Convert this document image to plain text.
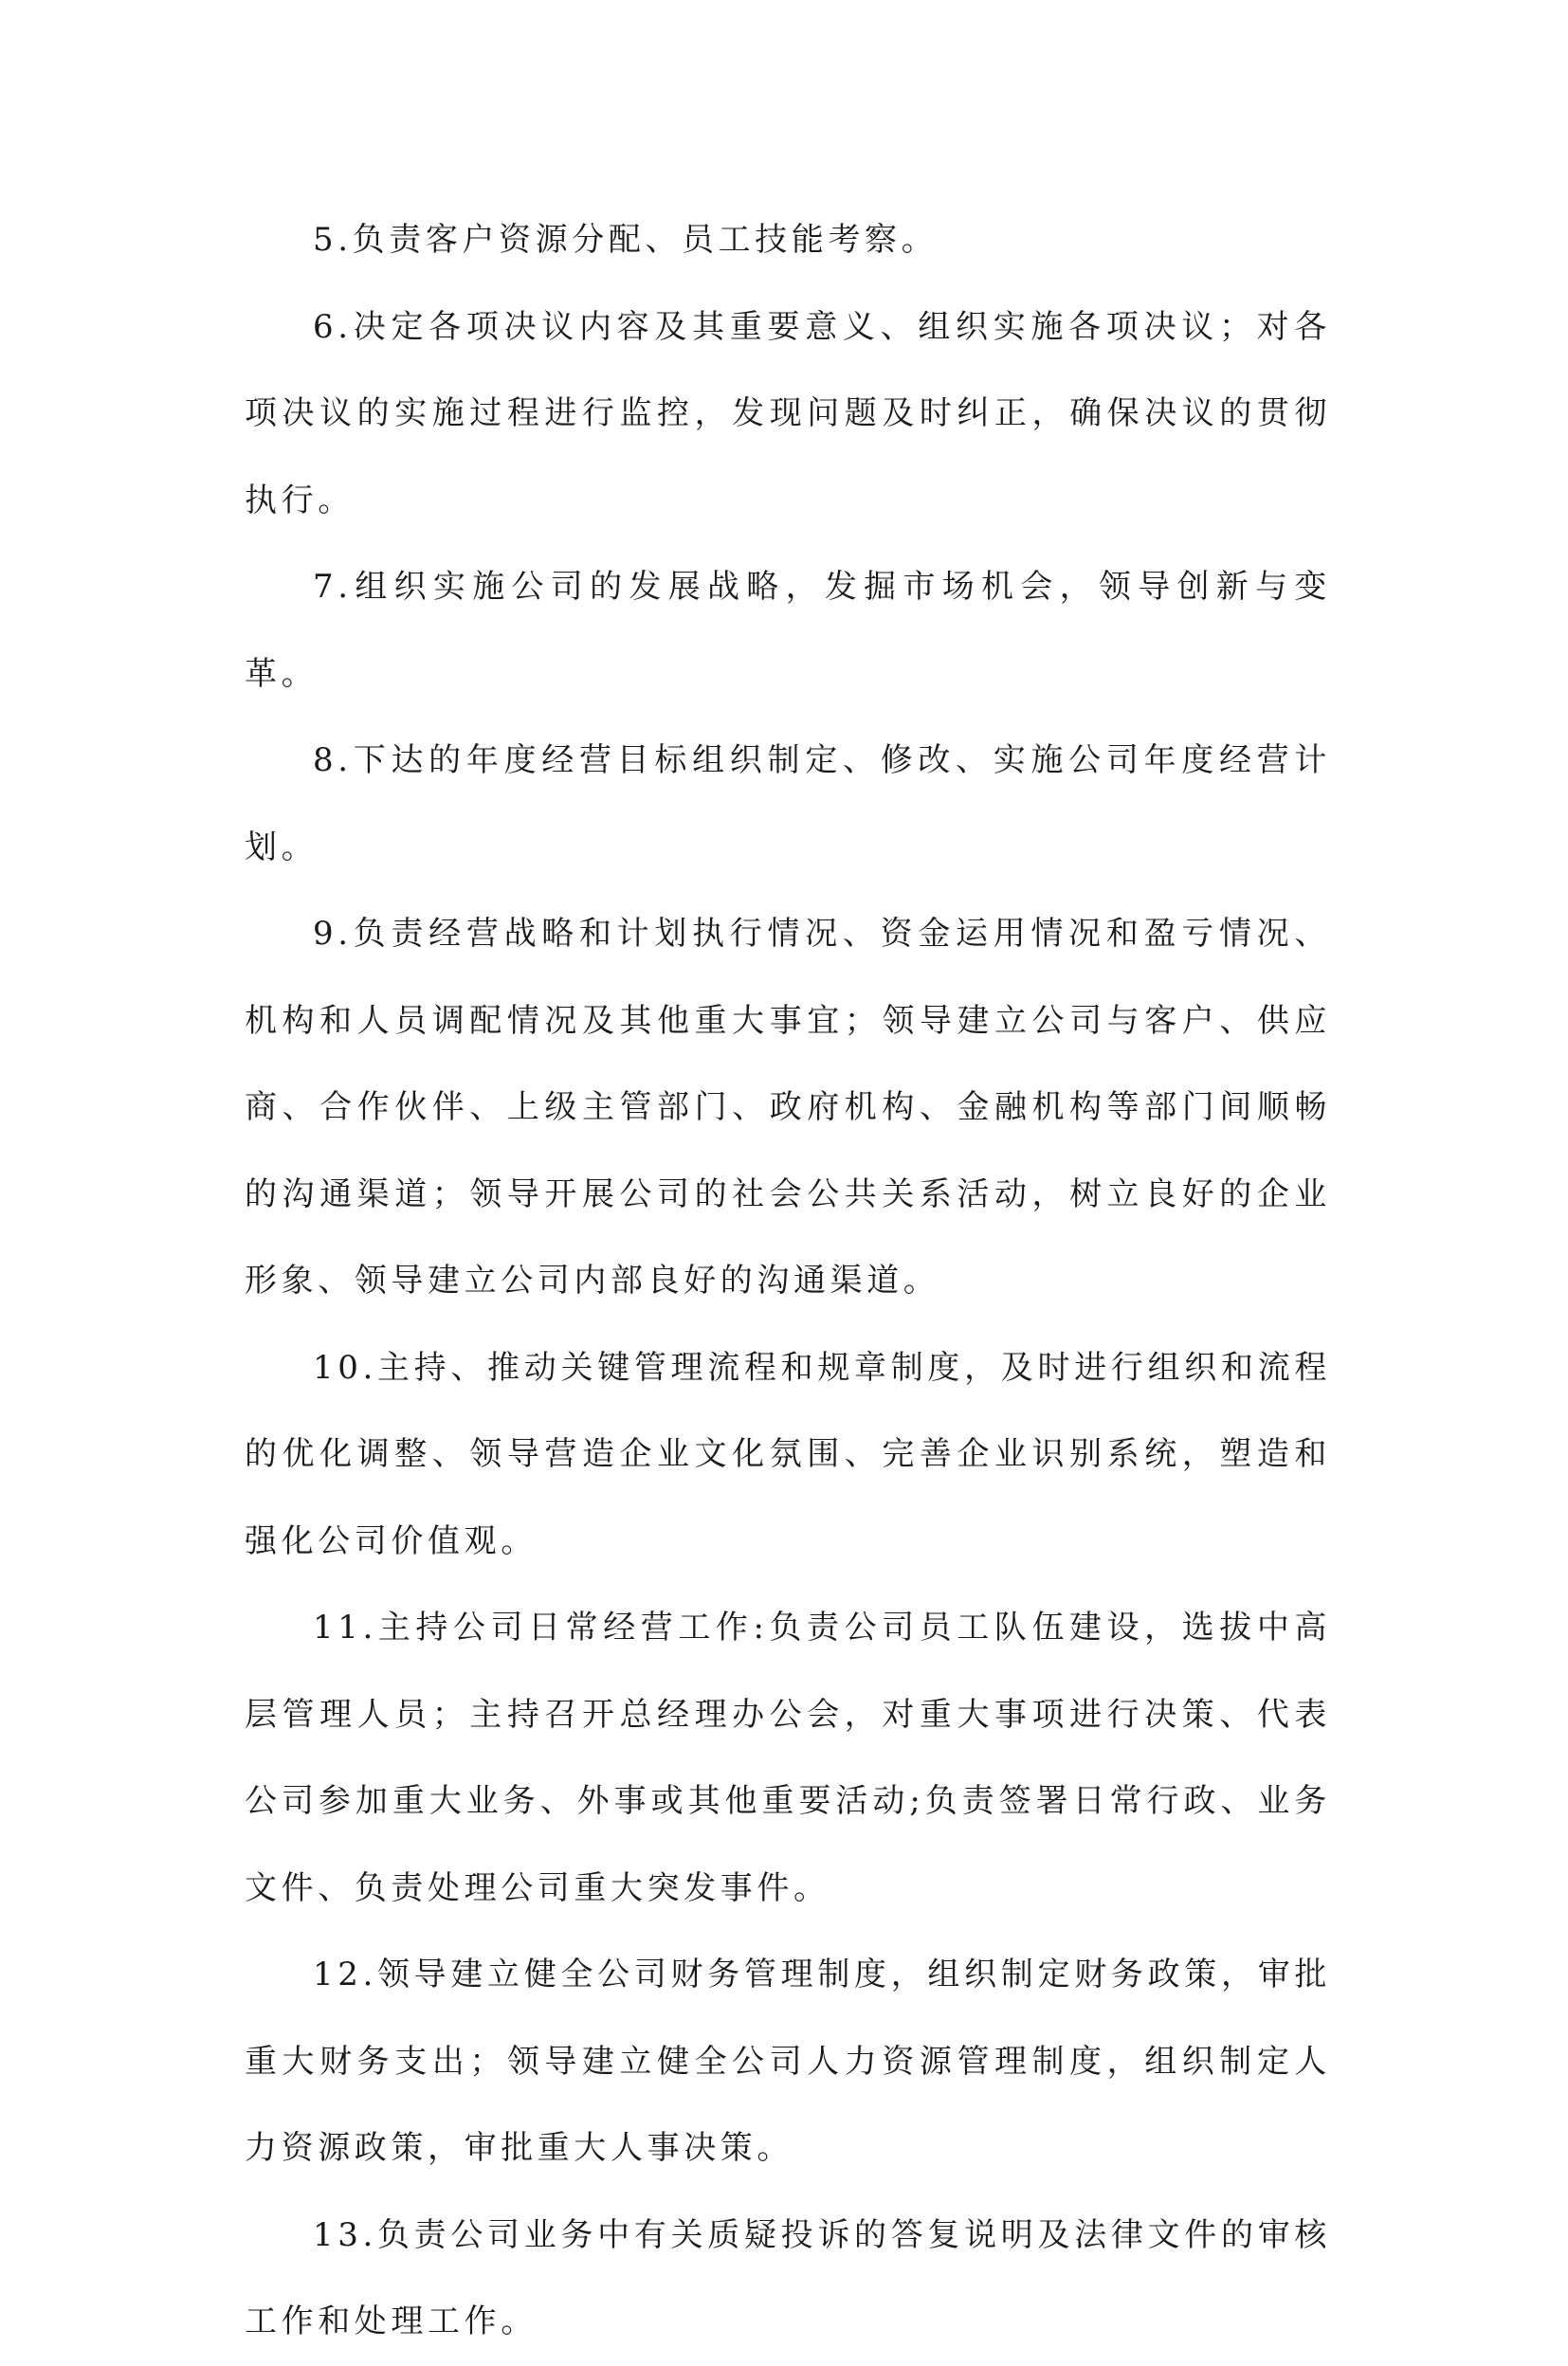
5.负责客户资源分配、员工技能考察。

6.决定各项决议内容及其重要意义、组织实施各项决议；对各项决议的实施过程进行监控，发现问题及时纠正，确保决议的贯彻执行。

7.组织实施公司的发展战略，发掘市场机会，领导创新与变革。

8.下达的年度经营目标组织制定、修改、实施公司年度经营计划。

9.负责经营战略和计划执行情况、资金运用情况和盈亏情况、机构和人员调配情况及其他重大事宜；领导建立公司与客户、供应商、合作伙伴、上级主管部门、政府机构、金融机构等部门间顺畅的沟通渠道；领导开展公司的社会公共关系活动，树立良好的企业形象、领导建立公司内部良好的沟通渠道。

10.主持、推动关键管理流程和规章制度，及时进行组织和流程的优化调整、领导营造企业文化氛围、完善企业识别系统，塑造和强化公司价值观。

11.主持公司日常经营工作:负责公司员工队伍建设，选拔中高层管理人员；主持召开总经理办公会，对重大事项进行决策、代表公司参加重大业务、外事或其他重要活动;负责签署日常行政、业务文件、负责处理公司重大突发事件。

12.领导建立健全公司财务管理制度，组织制定财务政策，审批重大财务支出；领导建立健全公司人力资源管理制度，组织制定人力资源政策，审批重大人事决策。

13.负责公司业务中有关质疑投诉的答复说明及法律文件的审核工作和处理工作。
